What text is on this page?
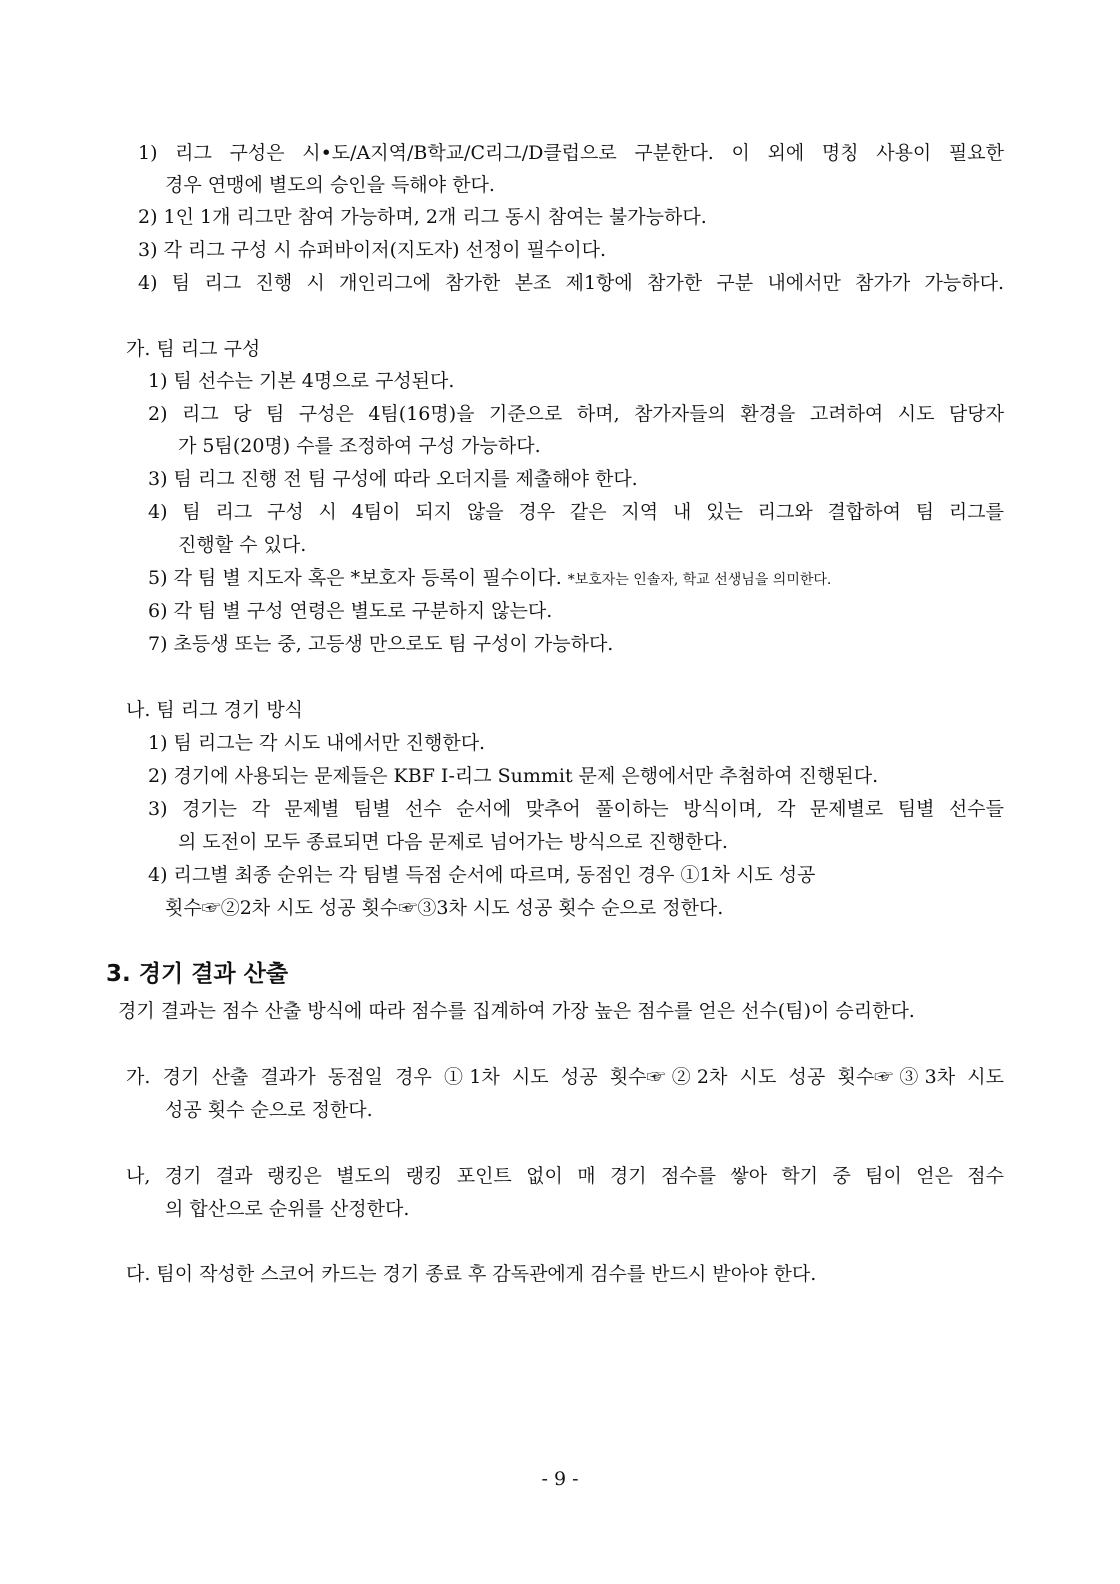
1) 리그 구성은 시•도/A지역/B학교/C리그/D클럽으로 구분한다. 이 외에 명칭 사용이 필요한
경우 연맹에 별도의 승인을 득해야 한다.
2) 1인 1개 리그만 참여 가능하며, 2개 리그 동시 참여는 불가능하다.
3) 각 리그 구성 시 슈퍼바이저(지도자) 선정이 필수이다.
4) 팀 리그 진행 시 개인리그에 참가한 본조 제1항에 참가한 구분 내에서만 참가가 가능하다.
가. 팀 리그 구성
1) 팀 선수는 기본 4명으로 구성된다.
2) 리그 당 팀 구성은 4팀(16명)을 기준으로 하며, 참가자들의 환경을 고려하여 시도 담당자
가 5팀(20명) 수를 조정하여 구성 가능하다.
3) 팀 리그 진행 전 팀 구성에 따라 오더지를 제출해야 한다.
4) 팀 리그 구성 시 4팀이 되지 않을 경우 같은 지역 내 있는 리그와 결합하여 팀 리그를
진행할 수 있다.
5) 각 팀 별 지도자 혹은 *보호자 등록이 필수이다. *보호자는 인솔자, 학교 선생님을 의미한다.
6) 각 팀 별 구성 연령은 별도로 구분하지 않는다.
7) 초등생 또는 중, 고등생 만으로도 팀 구성이 가능하다.
나. 팀 리그 경기 방식
1) 팀 리그는 각 시도 내에서만 진행한다.
2) 경기에 사용되는 문제들은 KBF I-리그 Summit 문제 은행에서만 추첨하여 진행된다.
3) 경기는 각 문제별 팀별 선수 순서에 맞추어 풀이하는 방식이며, 각 문제별로 팀별 선수들
의 도전이 모두 종료되면 다음 문제로 넘어가는 방식으로 진행한다.
4) 리그별 최종 순위는 각 팀별 득점 순서에 따르며, 동점인 경우 ①1차 시도 성공
횟수☞②2차 시도 성공 횟수☞③3차 시도 성공 횟수 순으로 정한다.
3. 경기 결과 산출
경기 결과는 점수 산출 방식에 따라 점수를 집계하여 가장 높은 점수를 얻은 선수(팀)이 승리한다.
가. 경기 산출 결과가 동점일 경우 ①1차 시도 성공 횟수☞②2차 시도 성공 횟수☞③3차 시도
성공 횟수 순으로 정한다.
나, 경기 결과 랭킹은 별도의 랭킹 포인트 없이 매 경기 점수를 쌓아 학기 중 팀이 얻은 점수
의 합산으로 순위를 산정한다.
다. 팀이 작성한 스코어 카드는 경기 종료 후 감독관에게 검수를 반드시 받아야 한다.
- 9 -
